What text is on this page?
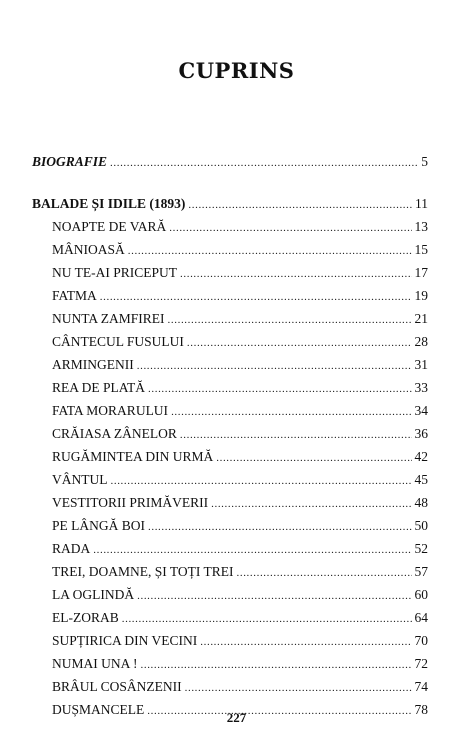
CUPRINS
BIOGRAFIE .....	5
BALADE ȘI IDILE (1893) .....	11
NOAPTE DE VARĂ .....	13
MÂNIOASĂ .....	15
NU TE-AI PRICEPUT .....	17
FATMA .....	19
NUNTA ZAMFIREI .....	21
CÂNTECUL FUSULUI .....	28
ARMINGENII .....	31
REA DE PLATĂ .....	33
FATA MORARULUI .....	34
CRĂIASA ZÂNELOR .....	36
RUGĂMINTEA DIN URMĂ .....	42
VÂNTUL .....	45
VESTITORII PRIMĂVERII .....	48
PE LÂNGĂ BOI .....	50
RADA .....	52
TREI, DOAMNE, ȘI TOȚI TREI .....	57
LA OGLINDĂ .....	60
EL-ZORAB .....	64
SUPȚIRICA DIN VECINI .....	70
NUMAI UNA ! .....	72
BRÂUL COSÂNZENII .....	74
DUȘMANCELE .....	78
227
